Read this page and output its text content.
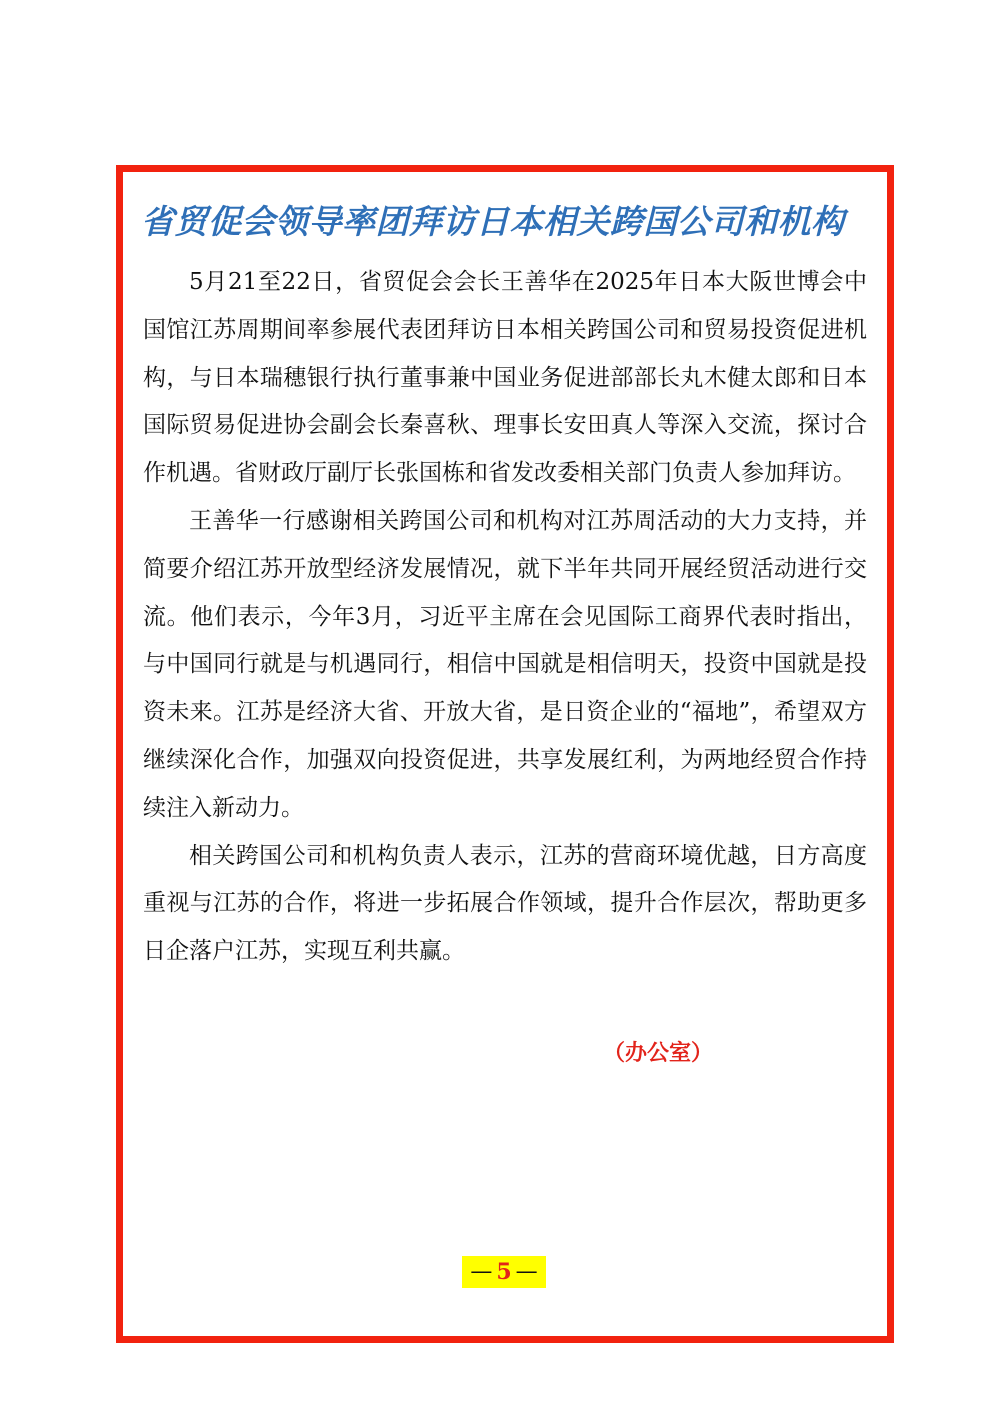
省贸促会领导率团拜访日本相关跨国公司和机构

5月21至22日，省贸促会会长王善华在2025年日本大阪世博会中国馆江苏周期间率参展代表团拜访日本相关跨国公司和贸易投资促进机构，与日本瑞穗银行执行董事兼中国业务促进部部长丸木健太郎和日本国际贸易促进协会副会长秦喜秋、理事长安田真人等深入交流，探讨合作机遇。省财政厅副厅长张国栋和省发改委相关部门负责人参加拜访。

王善华一行感谢相关跨国公司和机构对江苏周活动的大力支持，并简要介绍江苏开放型经济发展情况，就下半年共同开展经贸活动进行交流。他们表示，今年3月，习近平主席在会见国际工商界代表时指出，与中国同行就是与机遇同行，相信中国就是相信明天，投资中国就是投资未来。江苏是经济大省、开放大省，是日资企业的“福地”，希望双方继续深化合作，加强双向投资促进，共享发展红利，为两地经贸合作持续注入新动力。

相关跨国公司和机构负责人表示，江苏的营商环境优越，日方高度重视与江苏的合作，将进一步拓展合作领域，提升合作层次，帮助更多日企落户江苏，实现互利共赢。

（办公室）

— 5 —
